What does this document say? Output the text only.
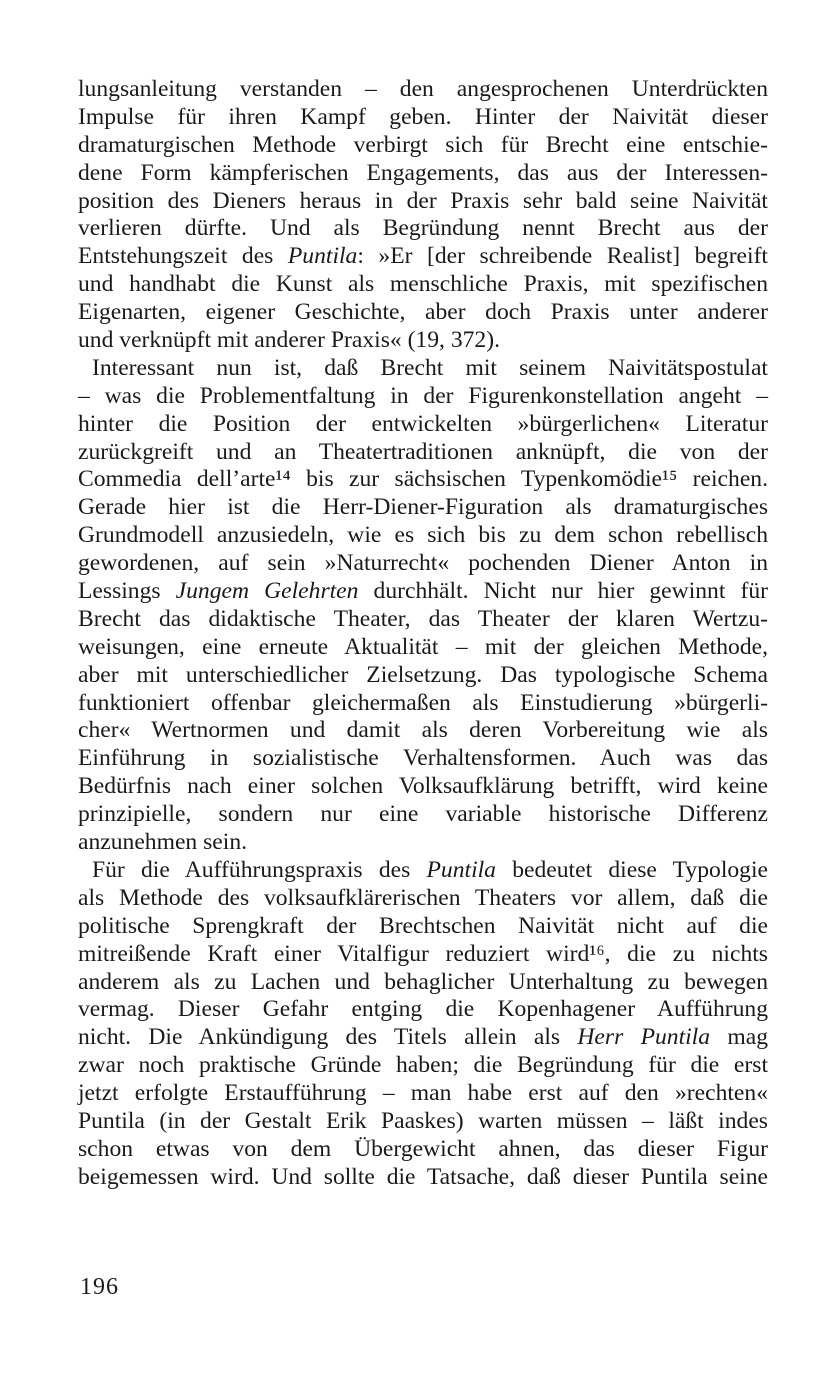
lungsanleitung verstanden – den angesprochenen Unterdrückten
Impulse für ihren Kampf geben. Hinter der Naivität dieser
dramaturgischen Methode verbirgt sich für Brecht eine entschie-
dene Form kämpferischen Engagements, das aus der Interessen-
position des Dieners heraus in der Praxis sehr bald seine Naivität
verlieren dürfte. Und als Begründung nennt Brecht aus der
Entstehungszeit des Puntila: »Er [der schreibende Realist] begreift
und handhabt die Kunst als menschliche Praxis, mit spezifischen
Eigenarten, eigener Geschichte, aber doch Praxis unter anderer
und verknüpft mit anderer Praxis« (19, 372).
Interessant nun ist, daß Brecht mit seinem Naivitätspostulat
– was die Problementfaltung in der Figurenkonstellation angeht –
hinter die Position der entwickelten »bürgerlichen« Literatur
zurückgreift und an Theatertraditionen anknüpft, die von der
Commedia dell’arte¹⁴ bis zur sächsischen Typenkomödie¹⁵ reichen.
Gerade hier ist die Herr-Diener-Figuration als dramaturgisches
Grundmodell anzusiedeln, wie es sich bis zu dem schon rebellisch
gewordenen, auf sein »Naturrecht« pochenden Diener Anton in
Lessings Jungem Gelehrten durchhält. Nicht nur hier gewinnt für
Brecht das didaktische Theater, das Theater der klaren Wertzu-
weisungen, eine erneute Aktualität – mit der gleichen Methode,
aber mit unterschiedlicher Zielsetzung. Das typologische Schema
funktioniert offenbar gleichermaßen als Einstudierung »bürgerli-
cher« Wertnormen und damit als deren Vorbereitung wie als
Einführung in sozialistische Verhaltensformen. Auch was das
Bedürfnis nach einer solchen Volksaufklärung betrifft, wird keine
prinzipielle, sondern nur eine variable historische Differenz
anzunehmen sein.
Für die Aufführungspraxis des Puntila bedeutet diese Typologie
als Methode des volksaufklärerischen Theaters vor allem, daß die
politische Sprengkraft der Brechtschen Naivität nicht auf die
mitreißende Kraft einer Vitalfigur reduziert wird¹⁶, die zu nichts
anderem als zu Lachen und behaglicher Unterhaltung zu bewegen
vermag. Dieser Gefahr entging die Kopenhagener Aufführung
nicht. Die Ankündigung des Titels allein als Herr Puntila mag
zwar noch praktische Gründe haben; die Begründung für die erst
jetzt erfolgte Erstaufführung – man habe erst auf den »rechten«
Puntila (in der Gestalt Erik Paaskes) warten müssen – läßt indes
schon etwas von dem Übergewicht ahnen, das dieser Figur
beigemessen wird. Und sollte die Tatsache, daß dieser Puntila seine
196
